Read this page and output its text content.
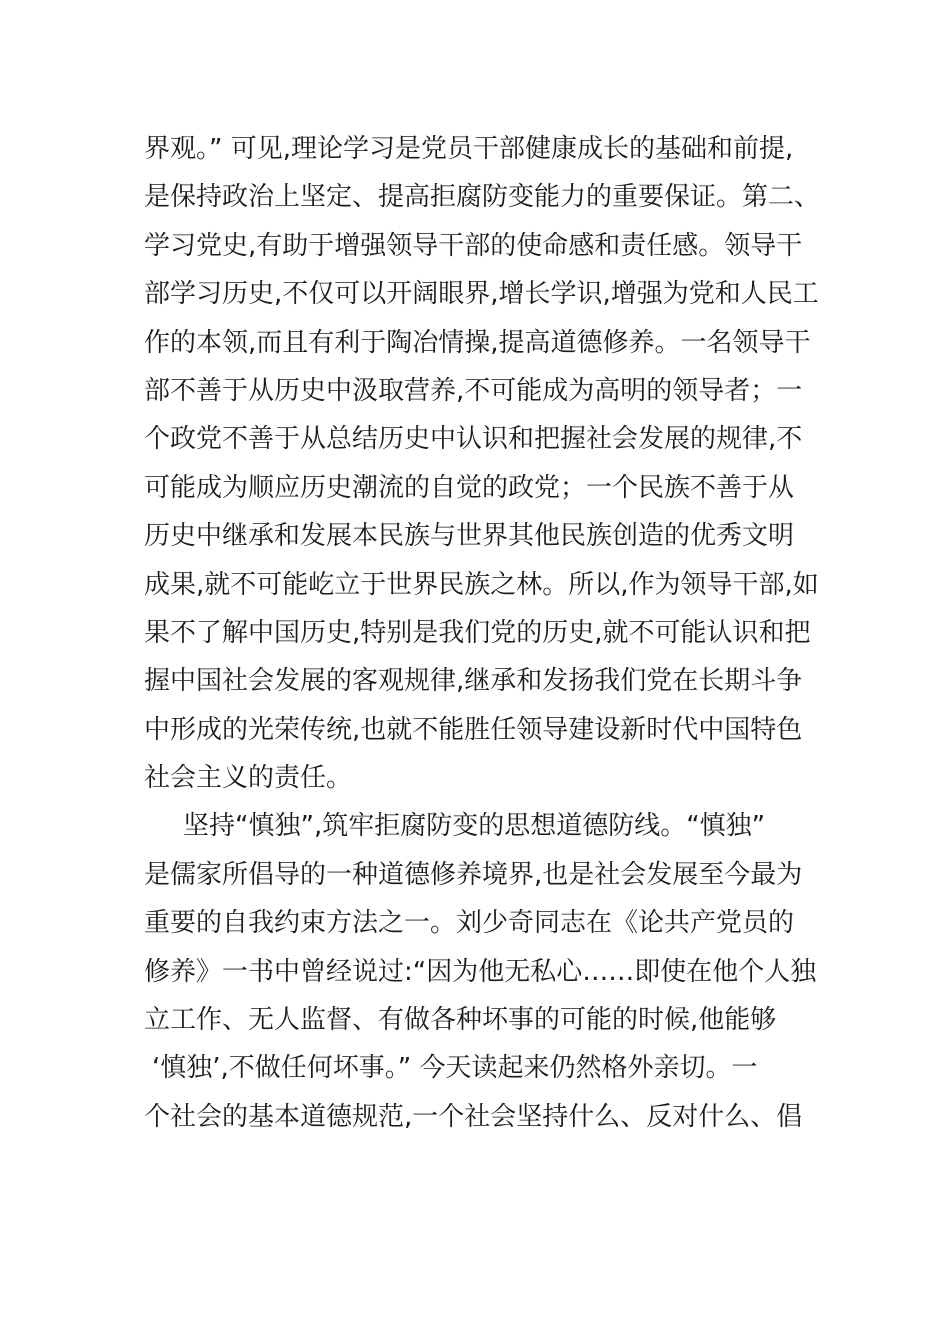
界观。” 可见,理论学习是党员干部健康成长的基础和前提,
是保持政治上坚定、提高拒腐防变能力的重要保证。第二、
学习党史,有助于增强领导干部的使命感和责任感。领导干
部学习历史,不仅可以开阔眼界,增长学识,增强为党和人民工
作的本领,而且有利于陶冶情操,提高道德修养。一名领导干
部不善于从历史中汲取营养,不可能成为高明的领导者；一
个政党不善于从总结历史中认识和把握社会发展的规律,不
可能成为顺应历史潮流的自觉的政党；一个民族不善于从
历史中继承和发展本民族与世界其他民族创造的优秀文明
成果,就不可能屹立于世界民族之林。所以,作为领导干部,如
果不了解中国历史,特别是我们党的历史,就不可能认识和把
握中国社会发展的客观规律,继承和发扬我们党在长期斗争
中形成的光荣传统,也就不能胜任领导建设新时代中国特色
社会主义的责任。
坚持“慎独”,筑牢拒腐防变的思想道德防线。“慎独”
是儒家所倡导的一种道德修养境界,也是社会发展至今最为
重要的自我约束方法之一。刘少奇同志在《论共产党员的
修养》一书中曾经说过:“因为他无私心……即使在他个人独
立工作、无人监督、有做各种坏事的可能的时候,他能够
‘慎独’,不做任何坏事。” 今天读起来仍然格外亲切。一
个社会的基本道德规范,一个社会坚持什么、反对什么、倡
